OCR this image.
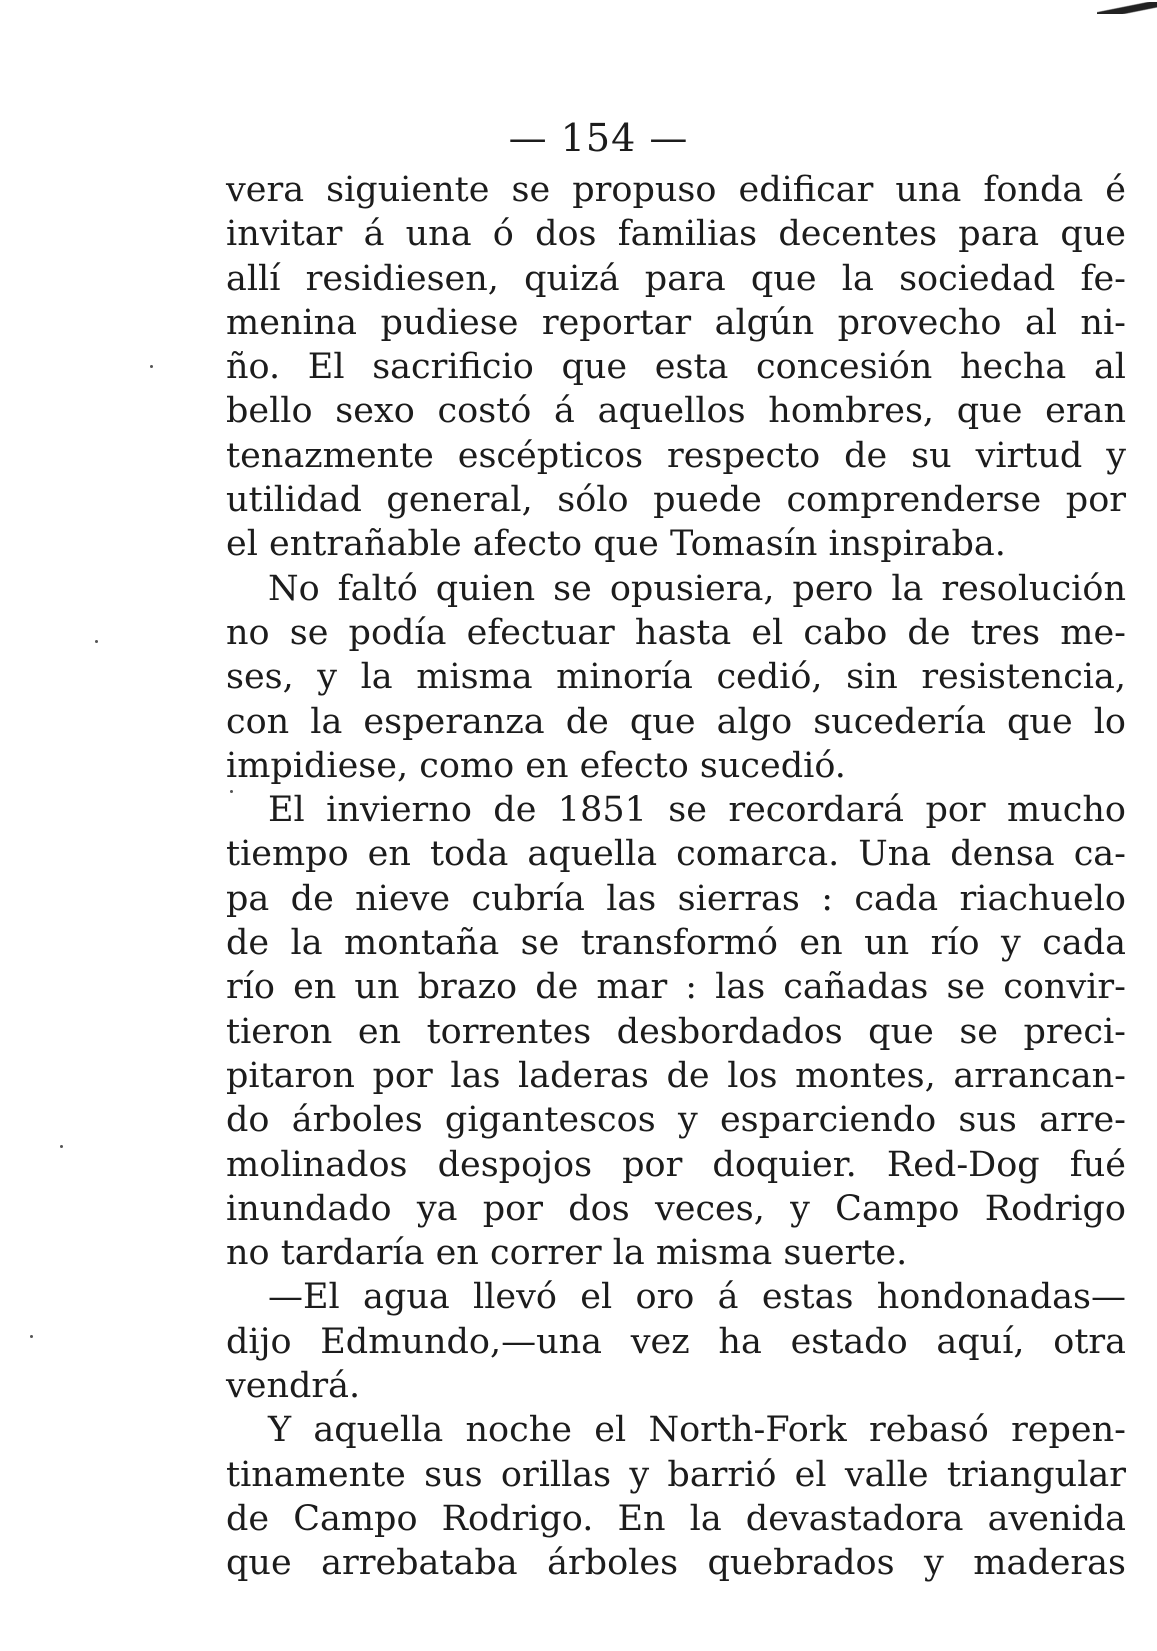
— 154 —
vera siguiente se propuso edificar una fonda é
invitar á una ó dos familias decentes para que
allí residiesen, quizá para que la sociedad fe-
menina pudiese reportar algún provecho al ni-
ño. El sacrificio que esta concesión hecha al
bello sexo costó á aquellos hombres, que eran
tenazmente escépticos respecto de su virtud y
utilidad general, sólo puede comprenderse por
el entrañable afecto que Tomasín inspiraba.
No faltó quien se opusiera, pero la resolución
no se podía efectuar hasta el cabo de tres me-
ses, y la misma minoría cedió, sin resistencia,
con la esperanza de que algo sucedería que lo
impidiese, como en efecto sucedió.
El invierno de 1851 se recordará por mucho
tiempo en toda aquella comarca. Una densa ca-
pa de nieve cubría las sierras : cada riachuelo
de la montaña se transformó en un río y cada
río en un brazo de mar : las cañadas se convir-
tieron en torrentes desbordados que se preci-
pitaron por las laderas de los montes, arrancan-
do árboles gigantescos y esparciendo sus arre-
molinados despojos por doquier. Red-Dog fué
inundado ya por dos veces, y Campo Rodrigo
no tardaría en correr la misma suerte.
—El agua llevó el oro á estas hondonadas—
dijo Edmundo,—una vez ha estado aquí, otra
vendrá.
Y aquella noche el North-Fork rebasó repen-
tinamente sus orillas y barrió el valle triangular
de Campo Rodrigo. En la devastadora avenida
que arrebataba árboles quebrados y maderas
